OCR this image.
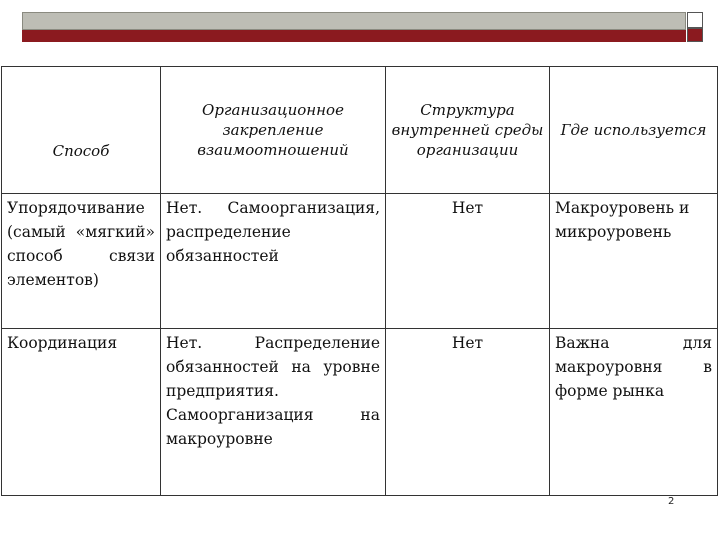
Способ	Организационное закрепление взаимоотношений	Структура внутренней среды организации	Где используется
Упорядочивание (самый «мягкий» способ связи элементов)	Нет. Самоорганизация, распределение обязанностей	Нет	Макроуровень и микроуровень
Координация	Нет. Распределение обязанностей на уровне предприятия. Самоорганизация на макроуровне	Нет	Важна для макроуровня в форме рынка
2
